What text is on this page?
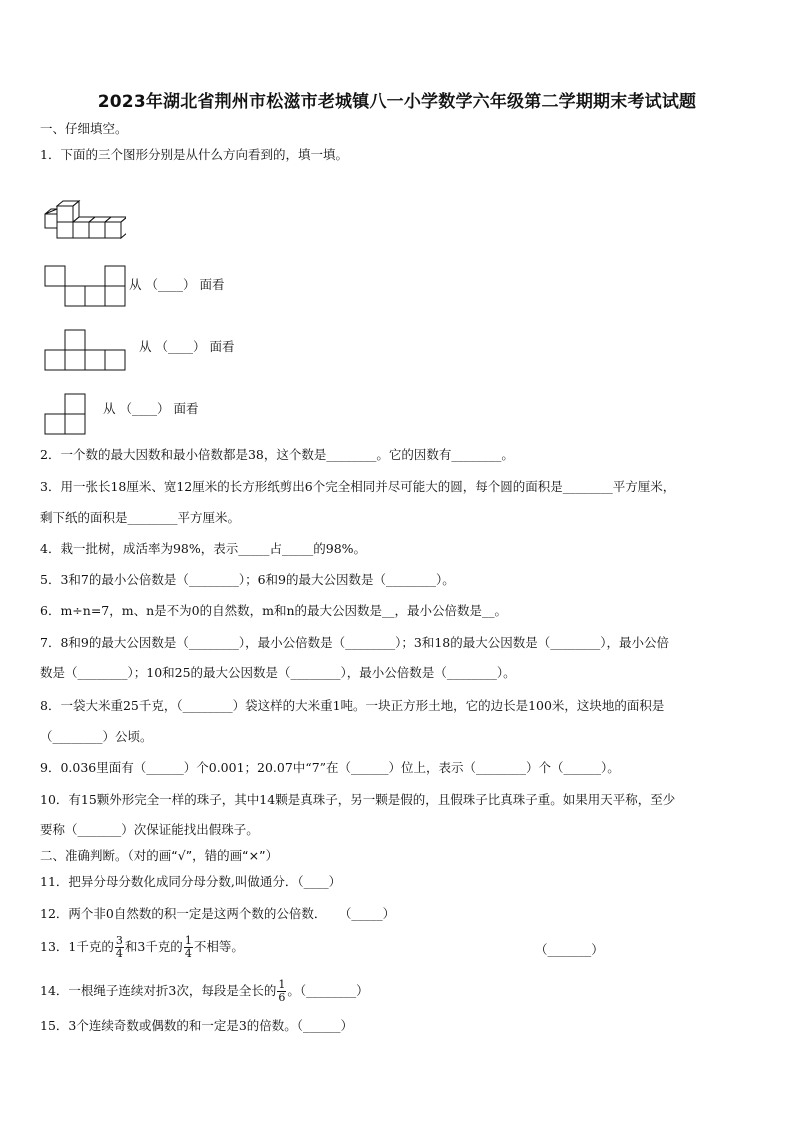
2023年湖北省荆州市松滋市老城镇八一小学数学六年级第二学期期末考试试题
一、仔细填空。
1．下面的三个图形分别是从什么方向看到的，填一填。
从 （____） 面看
从 （____） 面看
从 （____） 面看
2．一个数的最大因数和最小倍数都是38，这个数是________。它的因数有________。
3．用一张长18厘米、宽12厘米的长方形纸剪出6个完全相同并尽可能大的圆，每个圆的面积是________平方厘米，
剩下纸的面积是________平方厘米。
4．栽一批树，成活率为98%，表示_____占_____的98%。
5．3和7的最小公倍数是（________）；6和9的最大公因数是（________）。
6．m÷n=7，m、n是不为0的自然数，m和n的最大公因数是__，最小公倍数是__。
7．8和9的最大公因数是（________），最小公倍数是（________）；3和18的最大公因数是（________），最小公倍
数是（________）；10和25的最大公因数是（________），最小公倍数是（________）。
8．一袋大米重25千克，（________）袋这样的大米重1吨。一块正方形土地，它的边长是100米，这块地的面积是
（________）公顷。
9．0.036里面有（______）个0.001；20.07中“7”在（______）位上，表示（________）个（______）。
10．有15颗外形完全一样的珠子，其中14颗是真珠子，另一颗是假的，且假珠子比真珠子重。如果用天平称，至少
要称（_______）次保证能找出假珠子。
二、准确判断。（对的画“√”，错的画“×”）
11．把异分母分数化成同分母分数,叫做通分．（____）
12．两个非0自然数的积一定是这两个数的公倍数．　　（_____）
13．1千克的 $\frac{3}{4}$ 和3千克的 $\frac{1}{4}$ 不相等。	（_______）
14．一根绳子连续对折3次，每段是全长的 $\frac{1}{6}$ 。（________）
15．3个连续奇数或偶数的和一定是3的倍数。（______）
